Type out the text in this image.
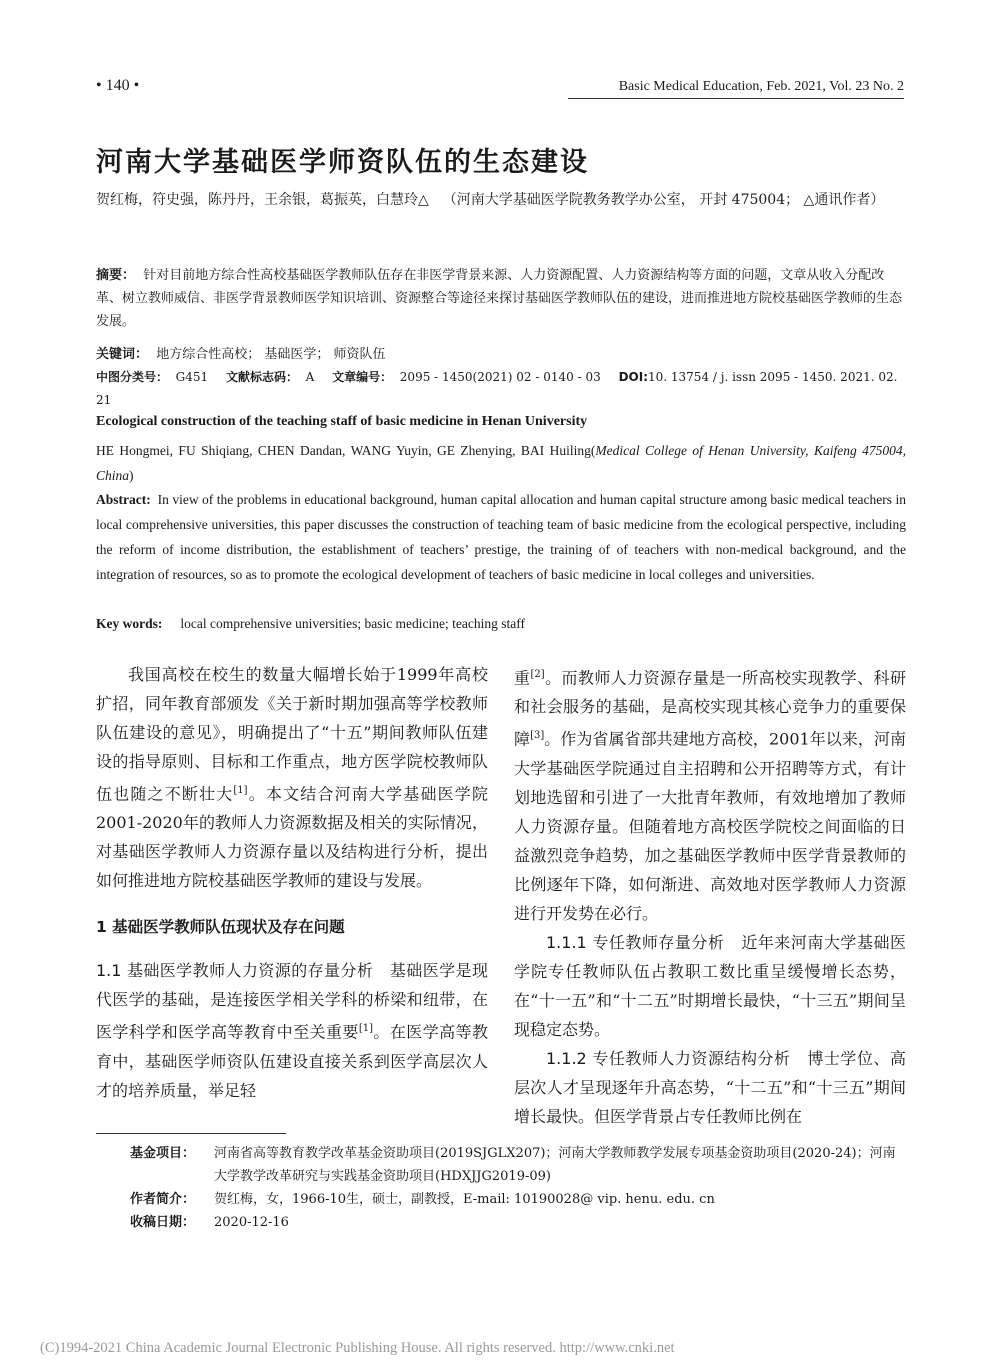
• 140 •	Basic Medical Education, Feb. 2021, Vol. 23 No. 2
河南大学基础医学师资队伍的生态建设
贺红梅，符史强，陈丹丹，王余银，葛振英，白慧玲△ （河南大学基础医学院教务教学办公室， 开封 475004； △通讯作者）
摘要： 针对目前地方综合性高校基础医学教师队伍存在非医学背景来源、人力资源配置、人力资源结构等方面的问题，文章从收入分配改革、树立教师威信、非医学背景教师医学知识培训、资源整合等途径来探讨基础医学教师队伍的建设，进而推进地方院校基础医学教师的生态发展。
关键词： 地方综合性高校； 基础医学； 师资队伍
中图分类号： G451 文献标志码： A 文章编号： 2095 - 1450(2021) 02 - 0140 - 03 DOI:10. 13754 / j. issn 2095 - 1450. 2021. 02. 21
Ecological construction of the teaching staff of basic medicine in Henan University
HE Hongmei, FU Shiqiang, CHEN Dandan, WANG Yuyin, GE Zhenying, BAI Huiling(Medical College of Henan University, Kaifeng 475004, China)
Abstract: In view of the problems in educational background, human capital allocation and human capital structure among basic medical teachers in local comprehensive universities, this paper discusses the construction of teaching team of basic medicine from the ecological perspective, including the reform of income distribution, the establishment of teachers’ prestige, the training of of teachers with non-medical background, and the integration of resources, so as to promote the ecological development of teachers of basic medicine in local colleges and universities.
Key words: local comprehensive universities; basic medicine; teaching staff

我国高校在校生的数量大幅增长始于1999年高校扩招，同年教育部颁发《关于新时期加强高等学校教师队伍建设的意见》，明确提出了“十五”期间教师队伍建设的指导原则、目标和工作重点，地方医学院校教师队伍也随之不断壮大[1]。本文结合河南大学基础医学院2001-2020年的教师人力资源数据及相关的实际情况，对基础医学教师人力资源存量以及结构进行分析，提出如何推进地方院校基础医学教师的建设与发展。

1 基础医学教师队伍现状及存在问题

1.1 基础医学教师人力资源的存量分析 基础医学是现代医学的基础，是连接医学相关学科的桥梁和纽带，在医学科学和医学高等教育中至关重要[1]。在医学高等教育中，基础医学师资队伍建设直接关系到医学高层次人才的培养质量，举足轻

重[2]。而教师人力资源存量是一所高校实现教学、科研和社会服务的基础，是高校实现其核心竞争力的重要保障[3]。作为省属省部共建地方高校，2001年以来，河南大学基础医学院通过自主招聘和公开招聘等方式，有计划地选留和引进了一大批青年教师，有效地增加了教师人力资源存量。但随着地方高校医学院校之间面临的日益激烈竞争趋势，加之基础医学教师中医学背景教师的比例逐年下降，如何渐进、高效地对医学教师人力资源进行开发势在必行。

1.1.1 专任教师存量分析 近年来河南大学基础医学院专任教师队伍占教职工数比重呈缓慢增长态势，在“十一五”和“十二五”时期增长最快，“十三五”期间呈现稳定态势。

1.1.2 专任教师人力资源结构分析 博士学位、高层次人才呈现逐年升高态势，“十二五”和“十三五”期间增长最快。但医学背景占专任教师比例在

基金项目：	河南省高等教育教学改革基金资助项目(2019SJGLX207)；河南大学教师教学发展专项基金资助项目(2020-24)；河南大学教学改革研究与实践基金资助项目(HDXJJG2019-09)
作者简介：	贺红梅，女，1966-10生，硕士，副教授，E-mail: 10190028@ vip. henu. edu. cn
收稿日期：	2020-12-16
(C)1994-2021 China Academic Journal Electronic Publishing House. All rights reserved. http://www.cnki.net
